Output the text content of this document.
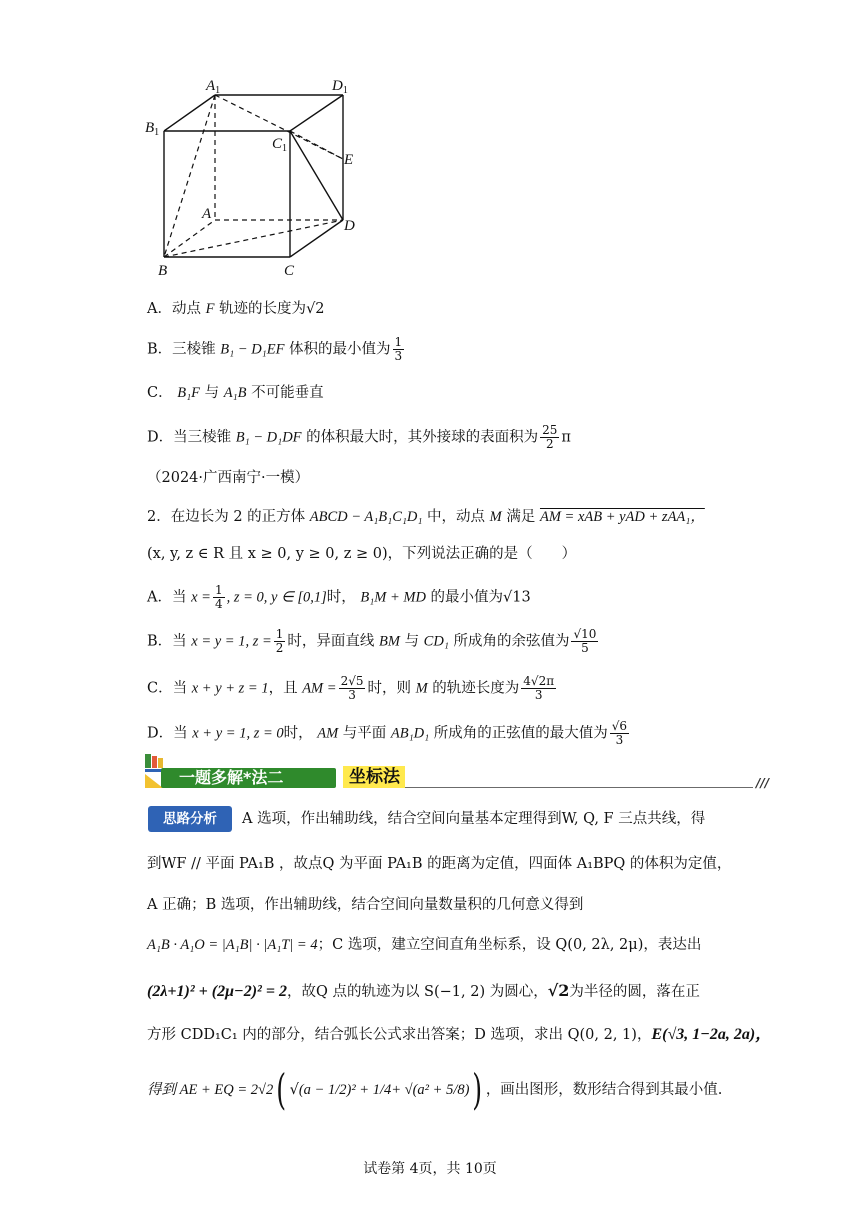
$A_1$	$D_1$
$B_1$
$C_1$
E
A
D
B	C
A．动点 F 轨迹的长度为√2
B．三棱锥 B₁ − D₁EF 体积的最小值为 $\frac{1}{3}$
C． B₁F 与 A₁B 不可能垂直
D．当三棱锥 B₁ − D₁DF 的体积最大时，其外接球的表面积为 $\frac{25}{2}$ π
（2024·广西南宁·一模）
2．在边长为 2 的正方体 ABCD − A₁B₁C₁D₁ 中，动点 M 满足 AM = xAB + yAD + zAA₁，
(x, y, z ∈ R 且 x ≥ 0, y ≥ 0, z ≥ 0)，下列说法正确的是（　　）
A．当 $x = \frac{1}{4}$ , z = 0, y ∈ [0,1]时， B₁M + MD 的最小值为√13
B．当 x = y = 1, $z = \frac{1}{2}$ 时，异面直线 BM 与 CD₁ 所成角的余弦值为 $\frac{√10}{5}$
C．当 x + y + z = 1，且 AM = $\frac{2√5}{3}$ 时，则 M 的轨迹长度为 $\frac{4√2\pi}{3}$
D．当 x + y = 1, z = 0时， AM 与平面 AB₁D₁ 所成角的正弦值的最大值为 $\frac{√6}{3}$
一题多解*法二	坐标法	///
思路分析	A 选项，作出辅助线，结合空间向量基本定理得到W, Q, F 三点共线，得
到WF // 平面 PA₁B ，故点Q 为平面 PA₁B 的距离为定值，四面体 A₁BPQ 的体积为定值，
A 正确；B 选项，作出辅助线，结合空间向量数量积的几何意义得到
A₁B · A₁O = |A₁B| · |A₁T| = 4；C 选项，建立空间直角坐标系，设 Q(0, 2λ, 2μ)，表达出
(2λ+1)² + (2μ−2)² = 2，故Q 点的轨迹为以 S(−1, 2) 为圆心，√2为半径的圆，落在正
方形 CDD₁C₁ 内的部分，结合弧长公式求出答案；D 选项，求出 Q(0, 2, 1)，E(√3, 1−2a, 2a)，
得到 AE + EQ = 2√2( √(a − 1/2)² + 1/4+ √(a² + 5/8)) ，画出图形，数形结合得到其最小值.
试卷第 4页，共 10页
